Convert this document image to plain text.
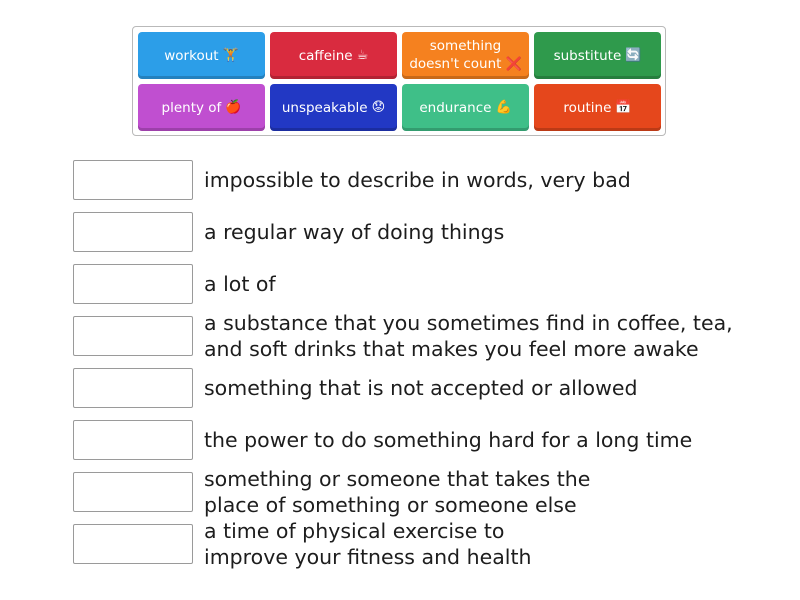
workout 🏋	caffeine ☕
something
doesn't count ❌
substitute 🔄
plenty of 🍎	unspeakable 😟	endurance 💪	routine 📅
impossible to describe in words, very bad
a regular way of doing things
a lot of
a substance that you sometimes find in coffee, tea,
and soft drinks that makes you feel more awake
something that is not accepted or allowed
the power to do something hard for a long time
something or someone that takes the
place of something or someone else
a time of physical exercise to
improve your fitness and health
